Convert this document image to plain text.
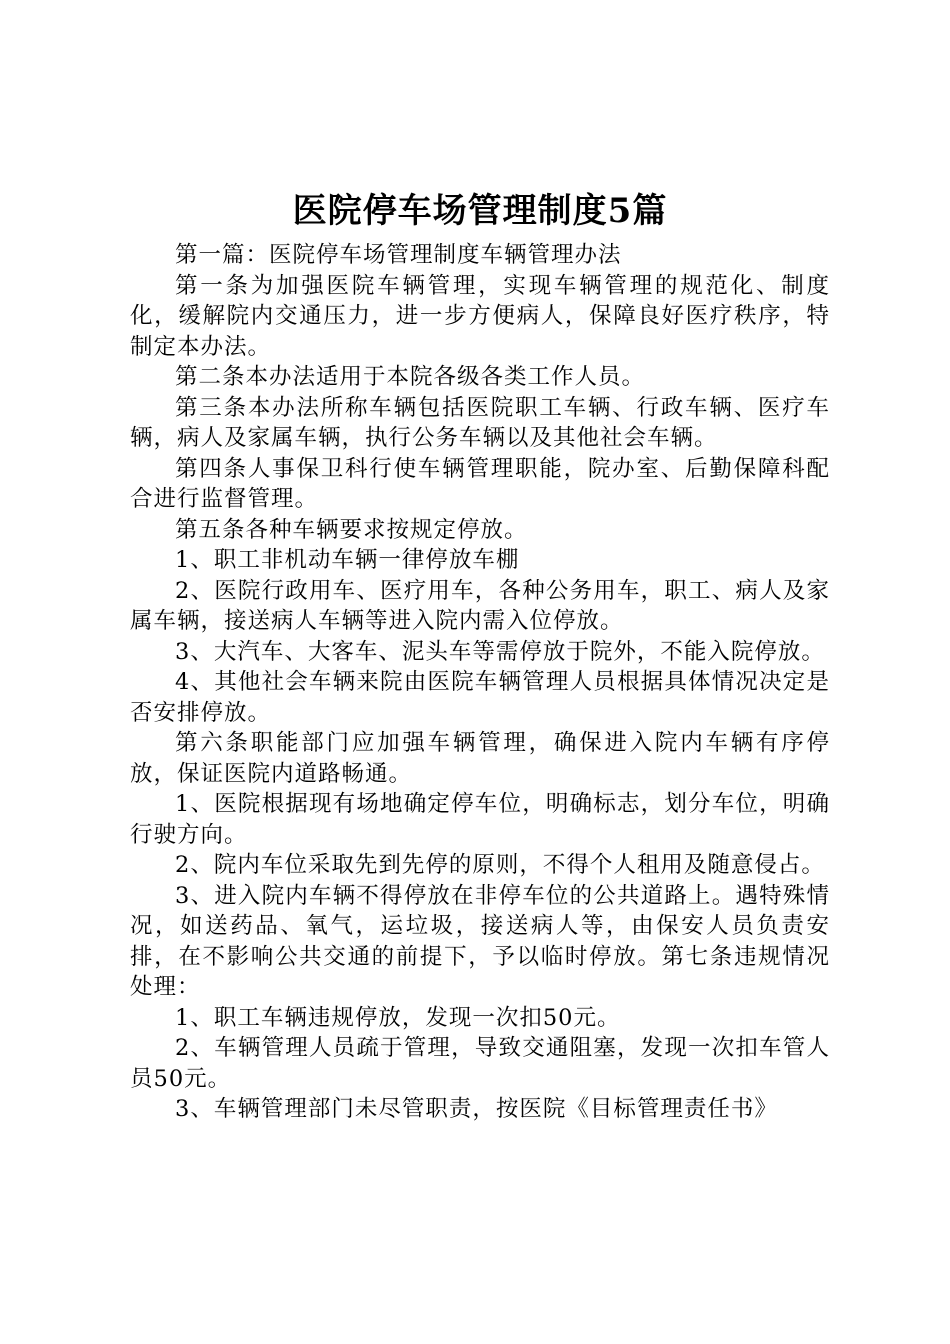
医院停车场管理制度5篇

第一篇：医院停车场管理制度车辆管理办法

第一条为加强医院车辆管理，实现车辆管理的规范化、制度化，缓解院内交通压力，进一步方便病人，保障良好医疗秩序，特制定本办法。

第二条本办法适用于本院各级各类工作人员。

第三条本办法所称车辆包括医院职工车辆、行政车辆、医疗车辆，病人及家属车辆，执行公务车辆以及其他社会车辆。

第四条人事保卫科行使车辆管理职能，院办室、后勤保障科配合进行监督管理。

第五条各种车辆要求按规定停放。

1、职工非机动车辆一律停放车棚

2、医院行政用车、医疗用车，各种公务用车，职工、病人及家属车辆，接送病人车辆等进入院内需入位停放。

3、大汽车、大客车、泥头车等需停放于院外，不能入院停放。

4、其他社会车辆来院由医院车辆管理人员根据具体情况决定是否安排停放。

第六条职能部门应加强车辆管理，确保进入院内车辆有序停放，保证医院内道路畅通。

1、医院根据现有场地确定停车位，明确标志，划分车位，明确行驶方向。

2、院内车位采取先到先停的原则，不得个人租用及随意侵占。

3、进入院内车辆不得停放在非停车位的公共道路上。遇特殊情况，如送药品、氧气，运垃圾，接送病人等，由保安人员负责安排，在不影响公共交通的前提下，予以临时停放。第七条违规情况处理：

1、职工车辆违规停放，发现一次扣50元。

2、车辆管理人员疏于管理，导致交通阻塞，发现一次扣车管人员50元。

3、车辆管理部门未尽管职责，按医院《目标管理责任书》
